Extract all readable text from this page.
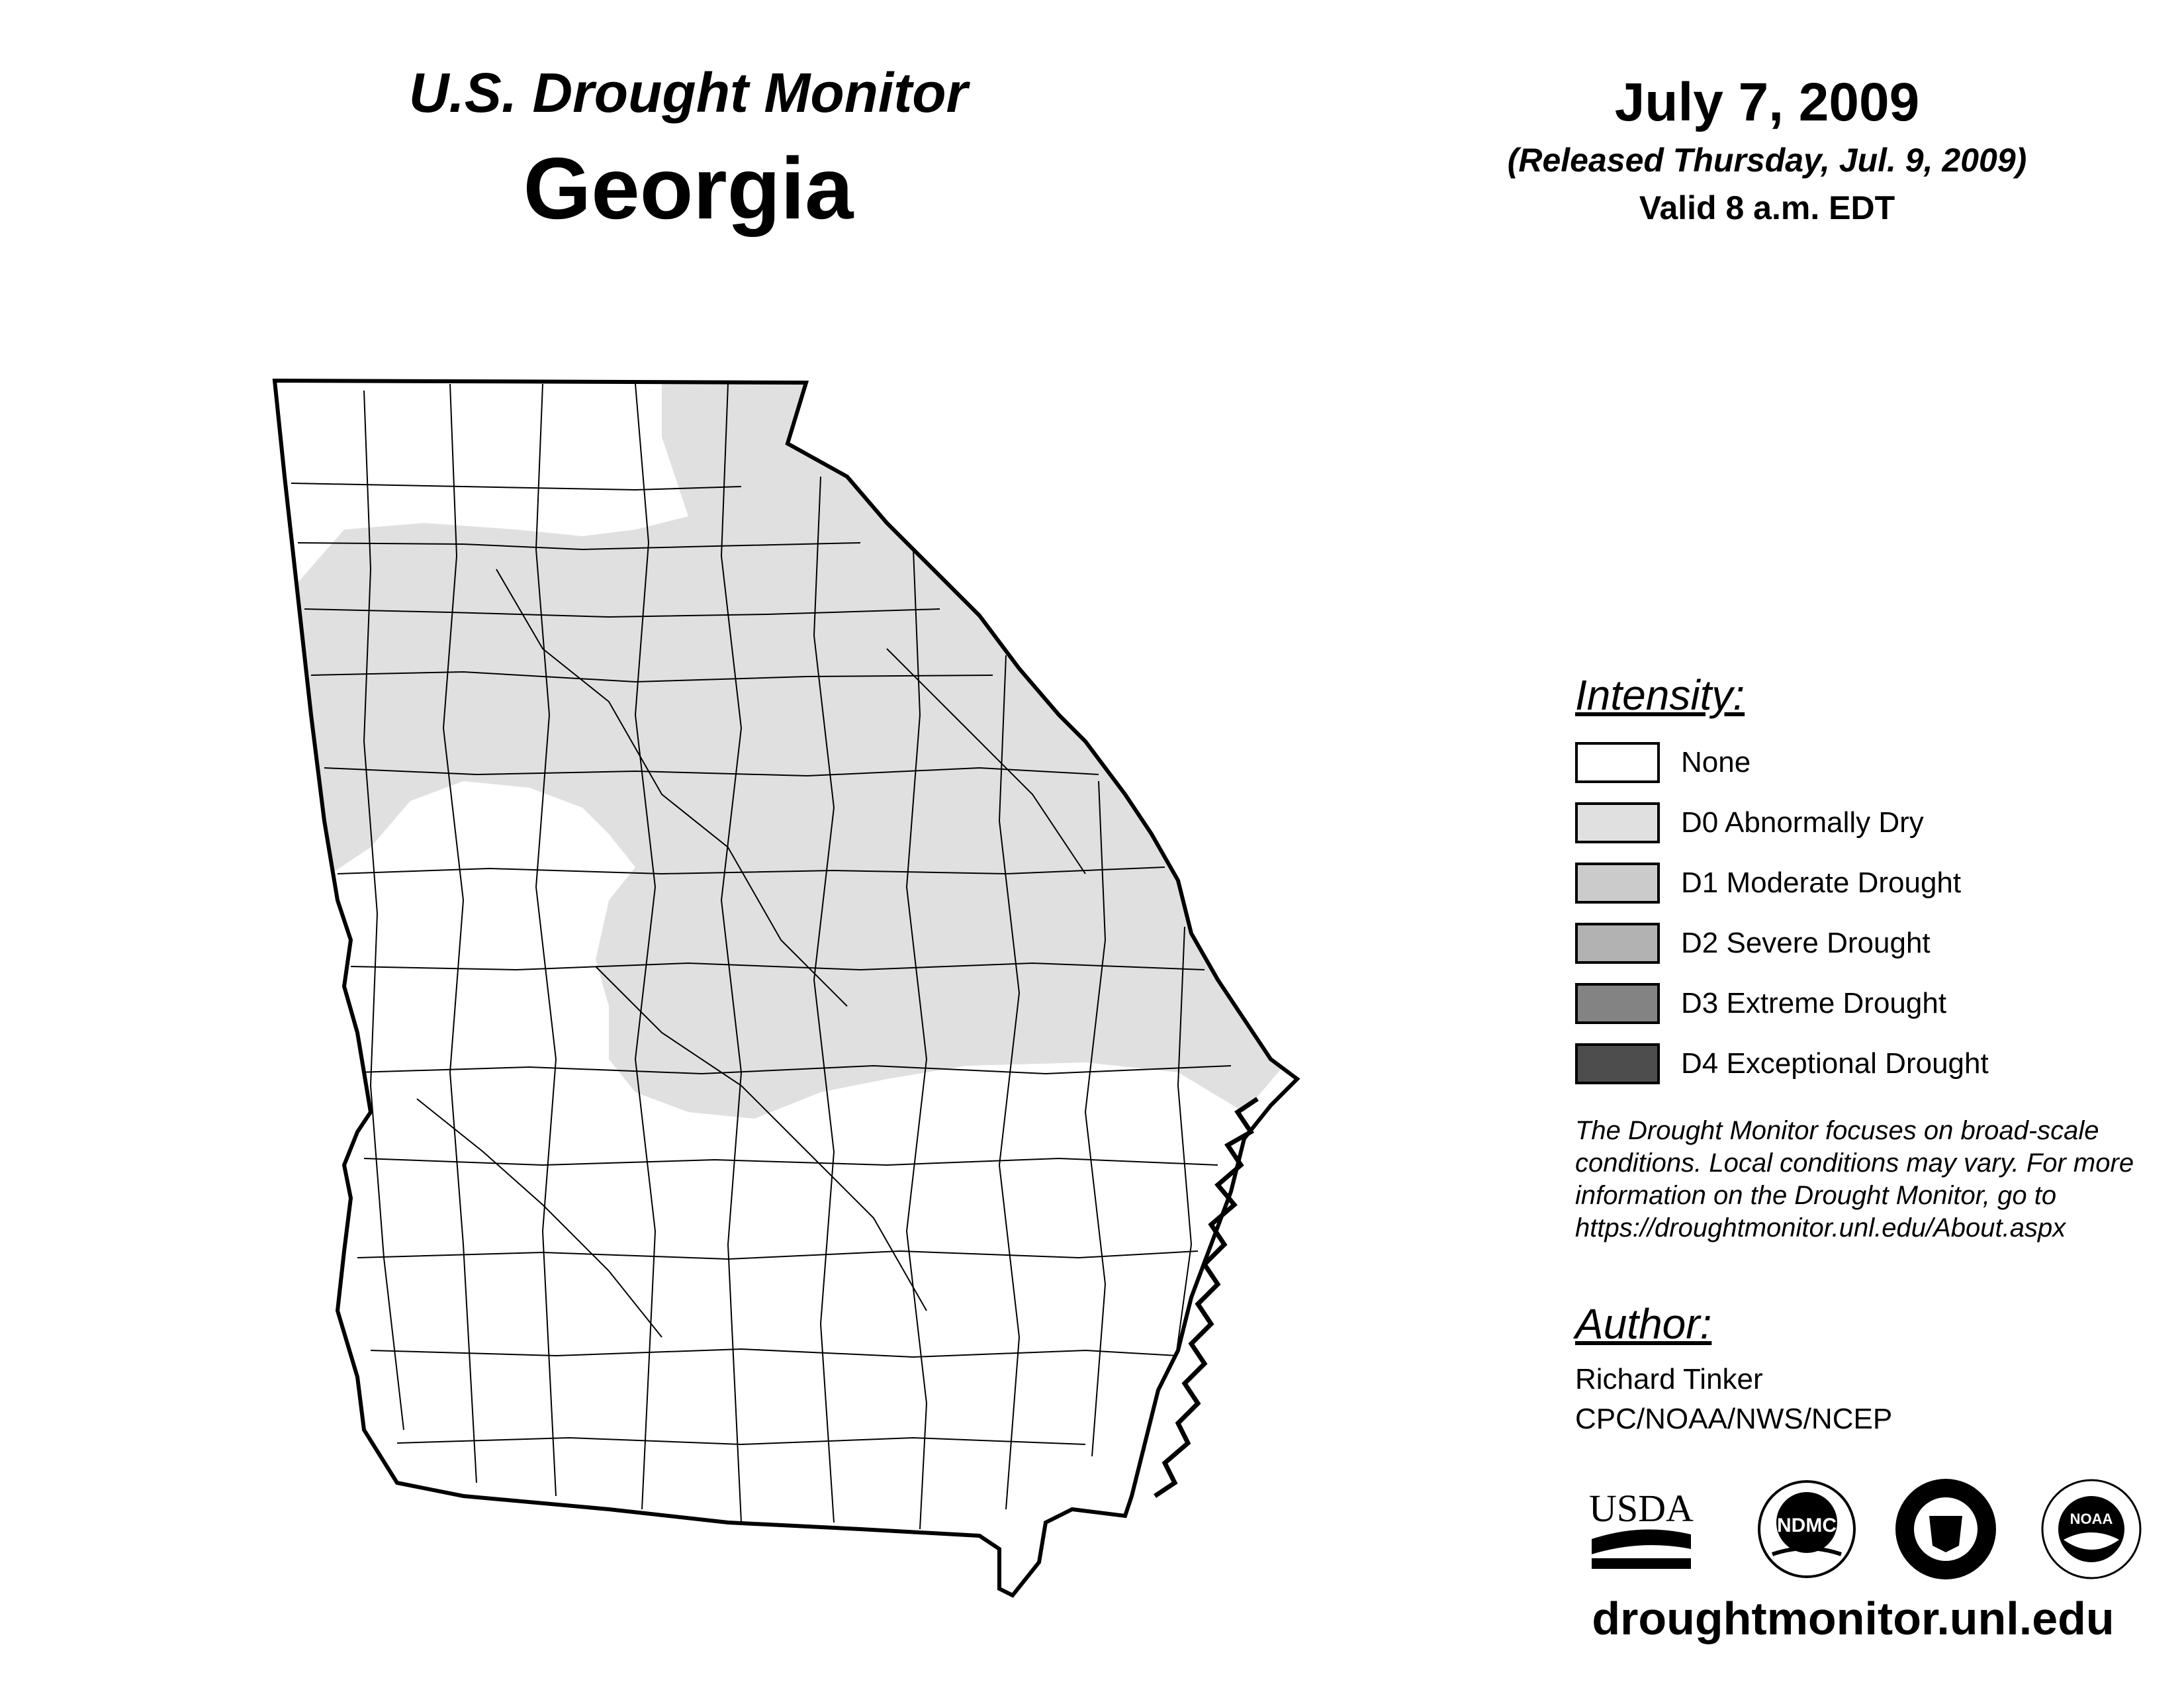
U.S. Drought Monitor
Georgia
July 7, 2009
(Released Thursday, Jul. 9, 2009)
Valid 8 a.m. EDT
Intensity:
None
D0 Abnormally Dry
D1 Moderate Drought
D2 Severe Drought
D3 Extreme Drought
D4 Exceptional Drought
The Drought Monitor focuses on broad-scale conditions. Local conditions may vary. For more information on the Drought Monitor, go to https://droughtmonitor.unl.edu/About.aspx
Author:
Richard Tinker
CPC/NOAA/NWS/NCEP
USDA	NDMC	NOAA
droughtmonitor.unl.edu
